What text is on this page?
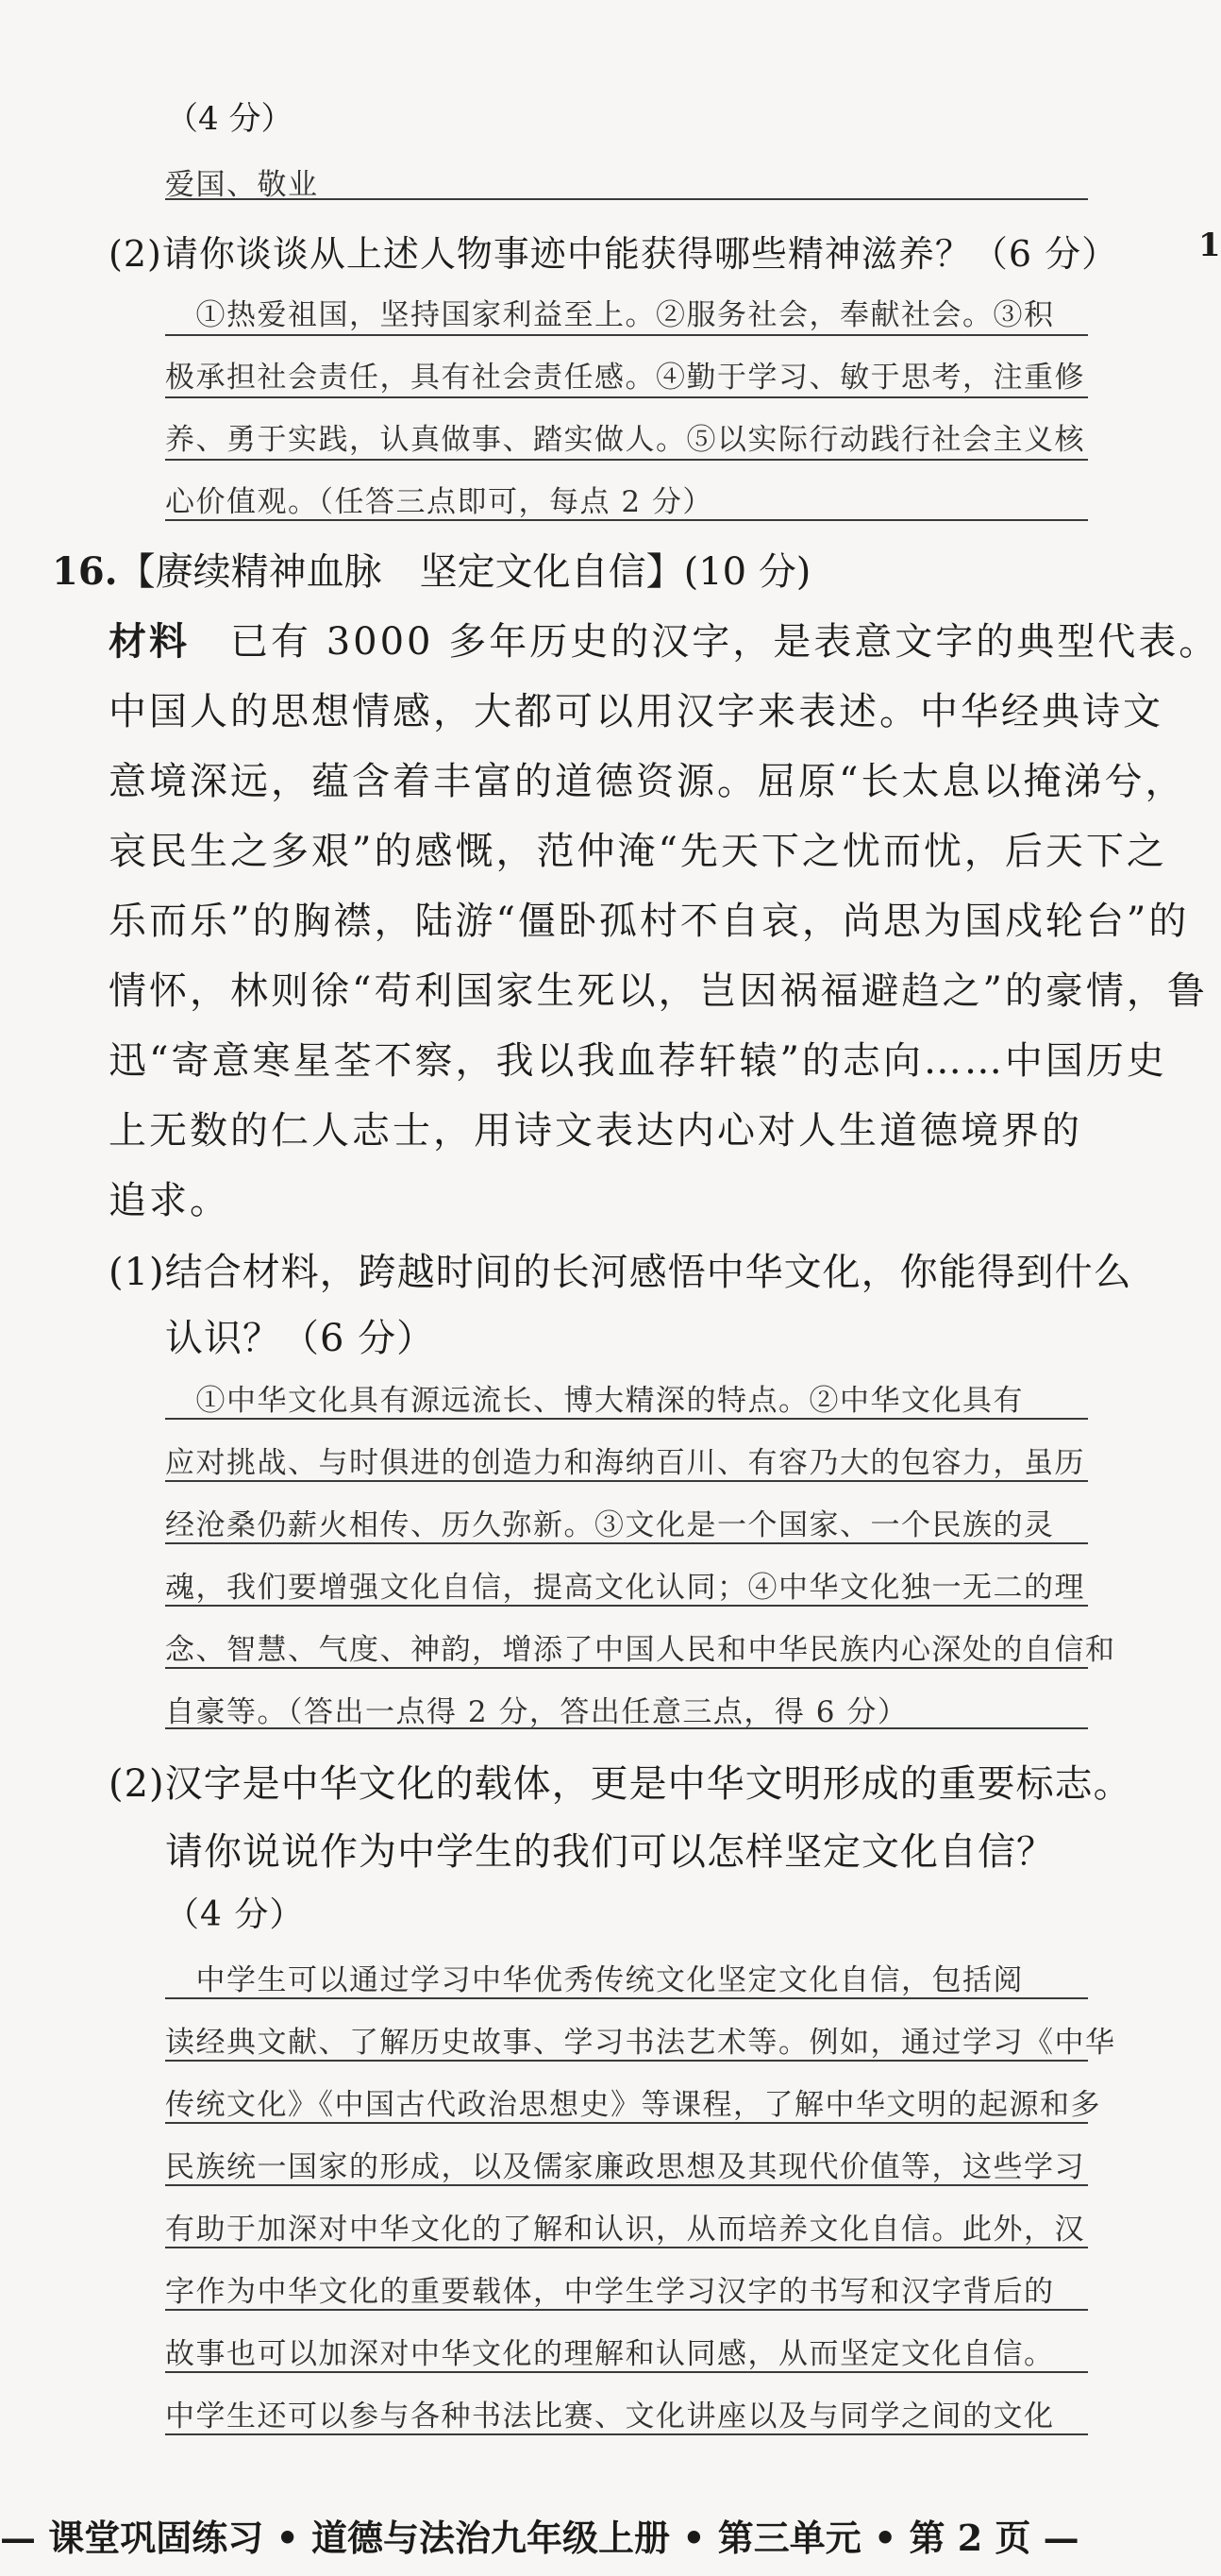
（4 分）
爱国、敬业
(2)请你谈谈从上述人物事迹中能获得哪些精神滋养？（6 分） 1
　①热爱祖国，坚持国家利益至上。②服务社会，奉献社会。③积
极承担社会责任，具有社会责任感。④勤于学习、敏于思考，注重修
养、勇于实践，认真做事、踏实做人。⑤以实际行动践行社会主义核
心价值观。（任答三点即可，每点 2 分）
16.【赓续精神血脉　坚定文化自信】(10 分)
材料　已有 3000 多年历史的汉字，是表意文字的典型代表。
中国人的思想情感，大都可以用汉字来表述。中华经典诗文
意境深远，蕴含着丰富的道德资源。屈原“长太息以掩涕兮，
哀民生之多艰”的感慨，范仲淹“先天下之忧而忧，后天下之
乐而乐”的胸襟，陆游“僵卧孤村不自哀，尚思为国戍轮台”的
情怀，林则徐“苟利国家生死以，岂因祸福避趋之”的豪情，鲁
迅“寄意寒星荃不察，我以我血荐轩辕”的志向……中国历史
上无数的仁人志士，用诗文表达内心对人生道德境界的
追求。
(1)结合材料，跨越时间的长河感悟中华文化，你能得到什么
认识？（6 分）
　①中华文化具有源远流长、博大精深的特点。②中华文化具有
应对挑战、与时俱进的创造力和海纳百川、有容乃大的包容力，虽历
经沧桑仍薪火相传、历久弥新。③文化是一个国家、一个民族的灵
魂，我们要增强文化自信，提高文化认同；④中华文化独一无二的理
念、智慧、气度、神韵，增添了中国人民和中华民族内心深处的自信和
自豪等。（答出一点得 2 分，答出任意三点，得 6 分）
(2)汉字是中华文化的载体，更是中华文明形成的重要标志。
请你说说作为中学生的我们可以怎样坚定文化自信？
（4 分）
　中学生可以通过学习中华优秀传统文化坚定文化自信，包括阅
读经典文献、了解历史故事、学习书法艺术等。例如，通过学习《中华
传统文化》《中国古代政治思想史》等课程，了解中华文明的起源和多
民族统一国家的形成，以及儒家廉政思想及其现代价值等，这些学习
有助于加深对中华文化的了解和认识，从而培养文化自信。此外，汉
字作为中华文化的重要载体，中学生学习汉字的书写和汉字背后的
故事也可以加深对中华文化的理解和认同感，从而坚定文化自信。
中学生还可以参与各种书法比赛、文化讲座以及与同学之间的文化
— 课堂巩固练习 • 道德与法治九年级上册 • 第三单元 • 第 2 页 —
